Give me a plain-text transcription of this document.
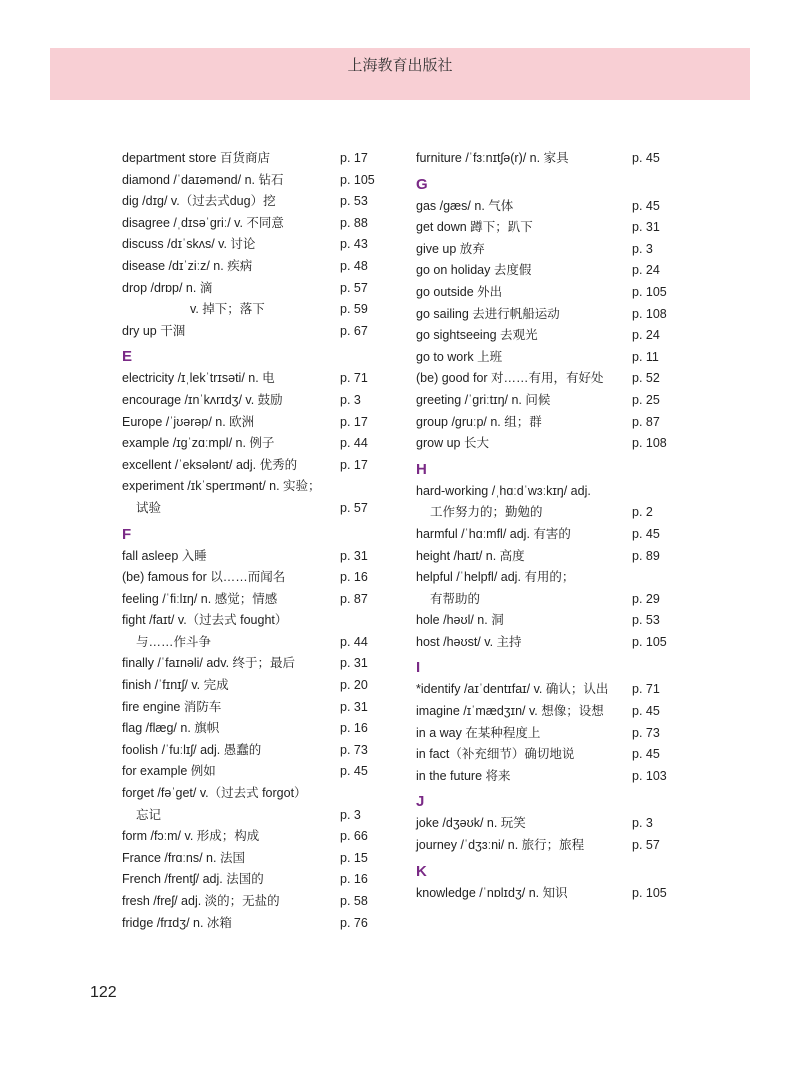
上海教育出版社
department store 百货商店	p. 17
diamond /ˈdaɪəmənd/ n. 钻石	p. 105
dig /dɪg/ v.（过去式dug）挖	p. 53
disagree /ˌdɪsəˈgriː/ v. 不同意	p. 88
discuss /dɪˈskʌs/ v. 讨论	p. 43
disease /dɪˈziːz/ n. 疾病	p. 48
drop /drɒp/ n. 滴	p. 57
v. 掉下；落下	p. 59
dry up 干涸	p. 67
E
electricity /ɪˌlekˈtrɪsəti/ n. 电	p. 71
encourage /ɪnˈkʌrɪdʒ/ v. 鼓励	p. 3
Europe /ˈjʊərəp/ n. 欧洲	p. 17
example /ɪgˈzɑːmpl/ n. 例子	p. 44
excellent /ˈeksələnt/ adj. 优秀的	p. 17
experiment /ɪkˈsperɪmənt/ n. 实验；
试验	p. 57
F
fall asleep 入睡	p. 31
(be) famous for 以……而闻名	p. 16
feeling /ˈfiːlɪŋ/ n. 感觉；情感	p. 87
fight /faɪt/ v.（过去式 fought）
与……作斗争	p. 44
finally /ˈfaɪnəli/ adv. 终于；最后	p. 31
finish /ˈfɪnɪʃ/ v. 完成	p. 20
fire engine 消防车	p. 31
flag /flæg/ n. 旗帜	p. 16
foolish /ˈfuːlɪʃ/ adj. 愚蠢的	p. 73
for example 例如	p. 45
forget /fəˈget/ v.（过去式 forgot）
忘记	p. 3
form /fɔːm/ v. 形成；构成	p. 66
France /frɑːns/ n. 法国	p. 15
French /frentʃ/ adj. 法国的	p. 16
fresh /freʃ/ adj. 淡的；无盐的	p. 58
fridge /frɪdʒ/ n. 冰箱	p. 76
furniture /ˈfɜːnɪtʃə(r)/ n. 家具	p. 45
G
gas /gæs/ n. 气体	p. 45
get down 蹲下；趴下	p. 31
give up 放弃	p. 3
go on holiday 去度假	p. 24
go outside 外出	p. 105
go sailing 去进行帆船运动	p. 108
go sightseeing 去观光	p. 24
go to work 上班	p. 11
(be) good for 对……有用，有好处 p. 52
greeting /ˈgriːtɪŋ/ n. 问候	p. 25
group /gruːp/ n. 组；群	p. 87
grow up 长大	p. 108
H
hard-working /ˌhɑːdˈwɜːkɪŋ/ adj.
工作努力的；勤勉的	p. 2
harmful /ˈhɑːmfl/ adj. 有害的	p. 45
height /haɪt/ n. 高度	p. 89
helpful /ˈhelpfl/ adj. 有用的；
有帮助的	p. 29
hole /həʊl/ n. 洞	p. 53
host /həʊst/ v. 主持	p. 105
I
*identify /aɪˈdentɪfaɪ/ v. 确认；认出 p. 71
imagine /ɪˈmædʒɪn/ v. 想像；设想 p. 45
in a way 在某种程度上	p. 73
in fact（补充细节）确切地说	p. 45
in the future 将来	p. 103
J
joke /dʒəʊk/ n. 玩笑	p. 3
journey /ˈdʒɜːni/ n. 旅行；旅程	p. 57
K
knowledge /ˈnɒlɪdʒ/ n. 知识	p. 105
122
